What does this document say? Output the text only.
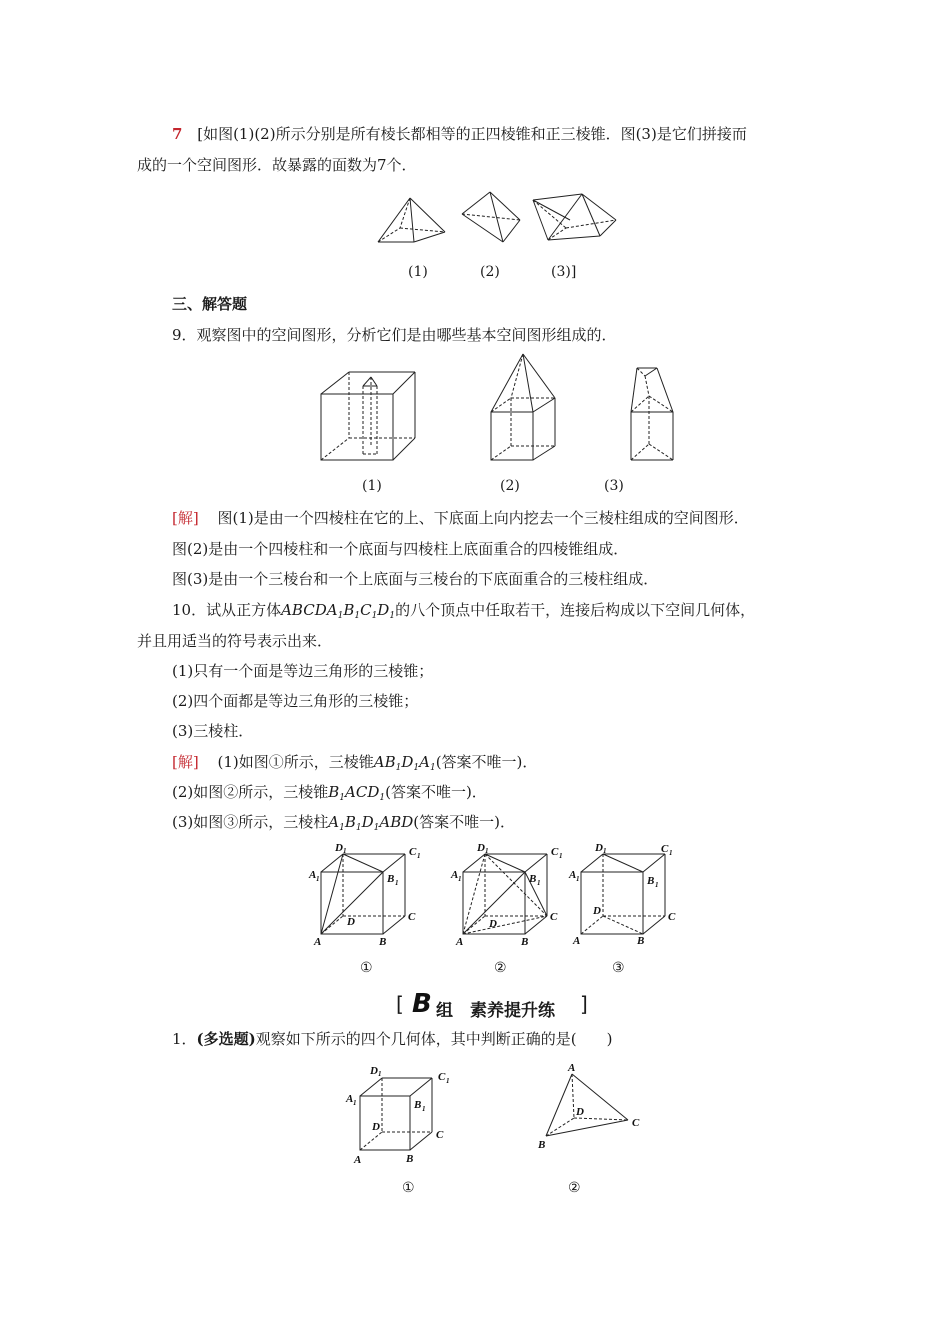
7 [如图(1)(2)所示分别是所有棱长都相等的正四棱锥和正三棱锥．图(3)是它们拼接而
成的一个空间图形．故暴露的面数为7个．
(1)	(2)	(3)]
三、解答题
9．观察图中的空间图形，分析它们是由哪些基本空间图形组成的．
(1)	(2)	(3)
[解] 图(1)是由一个四棱柱在它的上、下底面上向内挖去一个三棱柱组成的空间图形．
图(2)是由一个四棱柱和一个底面与四棱柱上底面重合的四棱锥组成．
图(3)是由一个三棱台和一个上底面与三棱台的下底面重合的三棱柱组成．
10．试从正方体$ABCDA_1B_1C_1D_1$的八个顶点中任取若干，连接后构成以下空间几何体，
并且用适当的符号表示出来．
(1)只有一个面是等边三角形的三棱锥；
(2)四个面都是等边三角形的三棱锥；
(3)三棱柱．
[解] (1)如图①所示，三棱锥$AB_1D_1A_1$(答案不唯一)．
(2)如图②所示，三棱锥$B_1ACD_1$(答案不唯一)．
(3)如图③所示，三棱柱$A_1B_1D_1ABD$(答案不唯一)．
D 1	C 1
A 1	B 1
C
D
A	B
D 1	C 1
A 1	B 1
C
D
A	B
D 1	C 1
A 1	B 1
C
D
A	B
①	②	③
[ B 组　素养提升练 ]
1．(多选题)观察如下所示的四个几何体，其中判断正确的是(　　)
D 1	C 1
A 1	B 1
C
D
A	B
A
D
C
B
①	②
